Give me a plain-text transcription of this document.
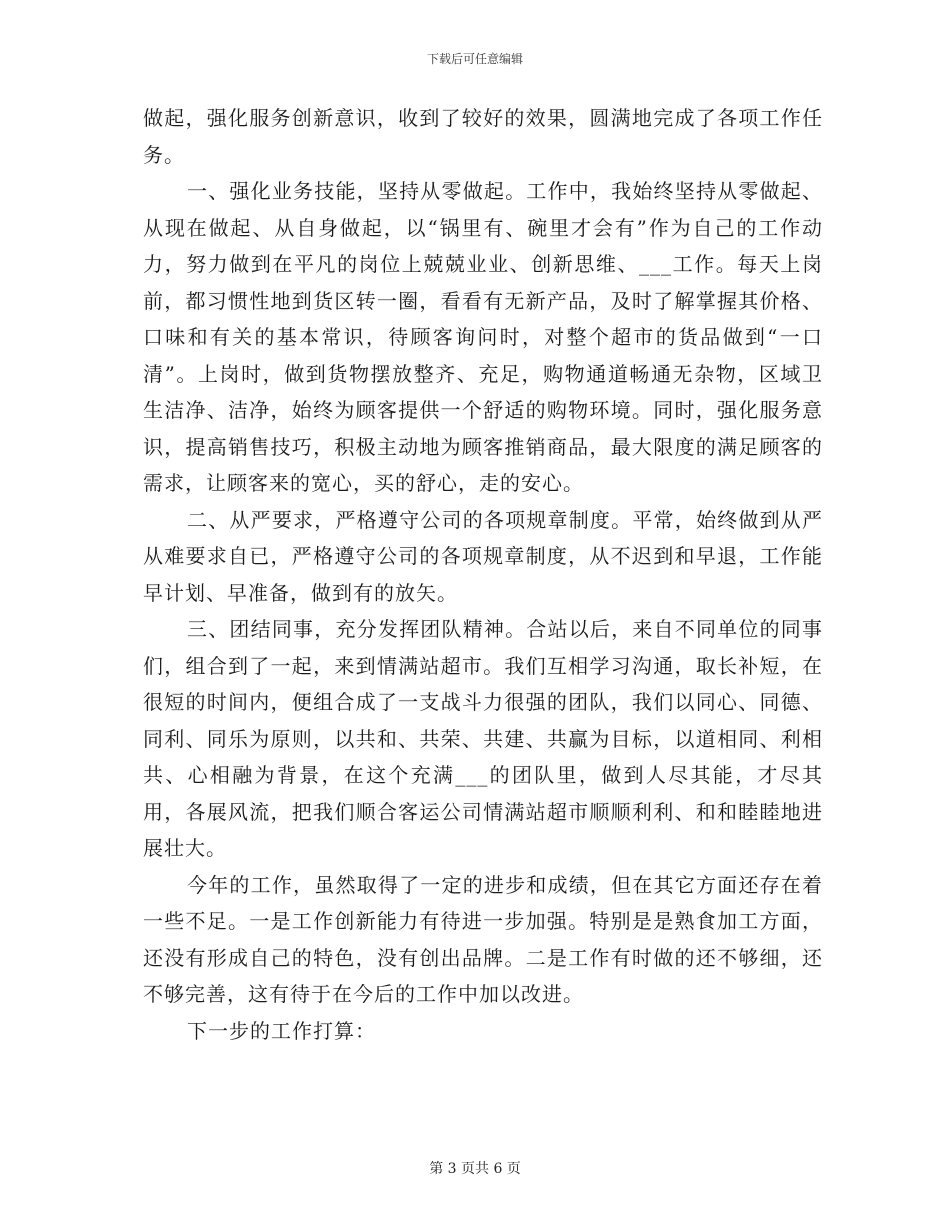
下载后可任意编辑

做起，强化服务创新意识，收到了较好的效果，圆满地完成了各项工作任务。

一、强化业务技能，坚持从零做起。工作中，我始终坚持从零做起、从现在做起、从自身做起，以“锅里有、碗里才会有”作为自己的工作动力，努力做到在平凡的岗位上兢兢业业、创新思维、___工作。每天上岗前，都习惯性地到货区转一圈，看看有无新产品，及时了解掌握其价格、口味和有关的基本常识，待顾客询问时，对整个超市的货品做到“一口清”。上岗时，做到货物摆放整齐、充足，购物通道畅通无杂物，区域卫生洁净、洁净，始终为顾客提供一个舒适的购物环境。同时，强化服务意识，提高销售技巧，积极主动地为顾客推销商品，最大限度的满足顾客的需求，让顾客来的宽心，买的舒心，走的安心。

二、从严要求，严格遵守公司的各项规章制度。平常，始终做到从严从难要求自已，严格遵守公司的各项规章制度，从不迟到和早退，工作能早计划、早准备，做到有的放矢。

三、团结同事，充分发挥团队精神。合站以后，来自不同单位的同事们，组合到了一起，来到情满站超市。我们互相学习沟通，取长补短，在很短的时间内，便组合成了一支战斗力很强的团队，我们以同心、同德、同利、同乐为原则，以共和、共荣、共建、共赢为目标，以道相同、利相共、心相融为背景，在这个充满___的团队里，做到人尽其能，才尽其用，各展风流，把我们顺合客运公司情满站超市顺顺利利、和和睦睦地进展壮大。

今年的工作，虽然取得了一定的进步和成绩，但在其它方面还存在着一些不足。一是工作创新能力有待进一步加强。特别是是熟食加工方面，还没有形成自己的特色，没有创出品牌。二是工作有时做的还不够细，还不够完善，这有待于在今后的工作中加以改进。

下一步的工作打算：

第 3 页共 6 页
